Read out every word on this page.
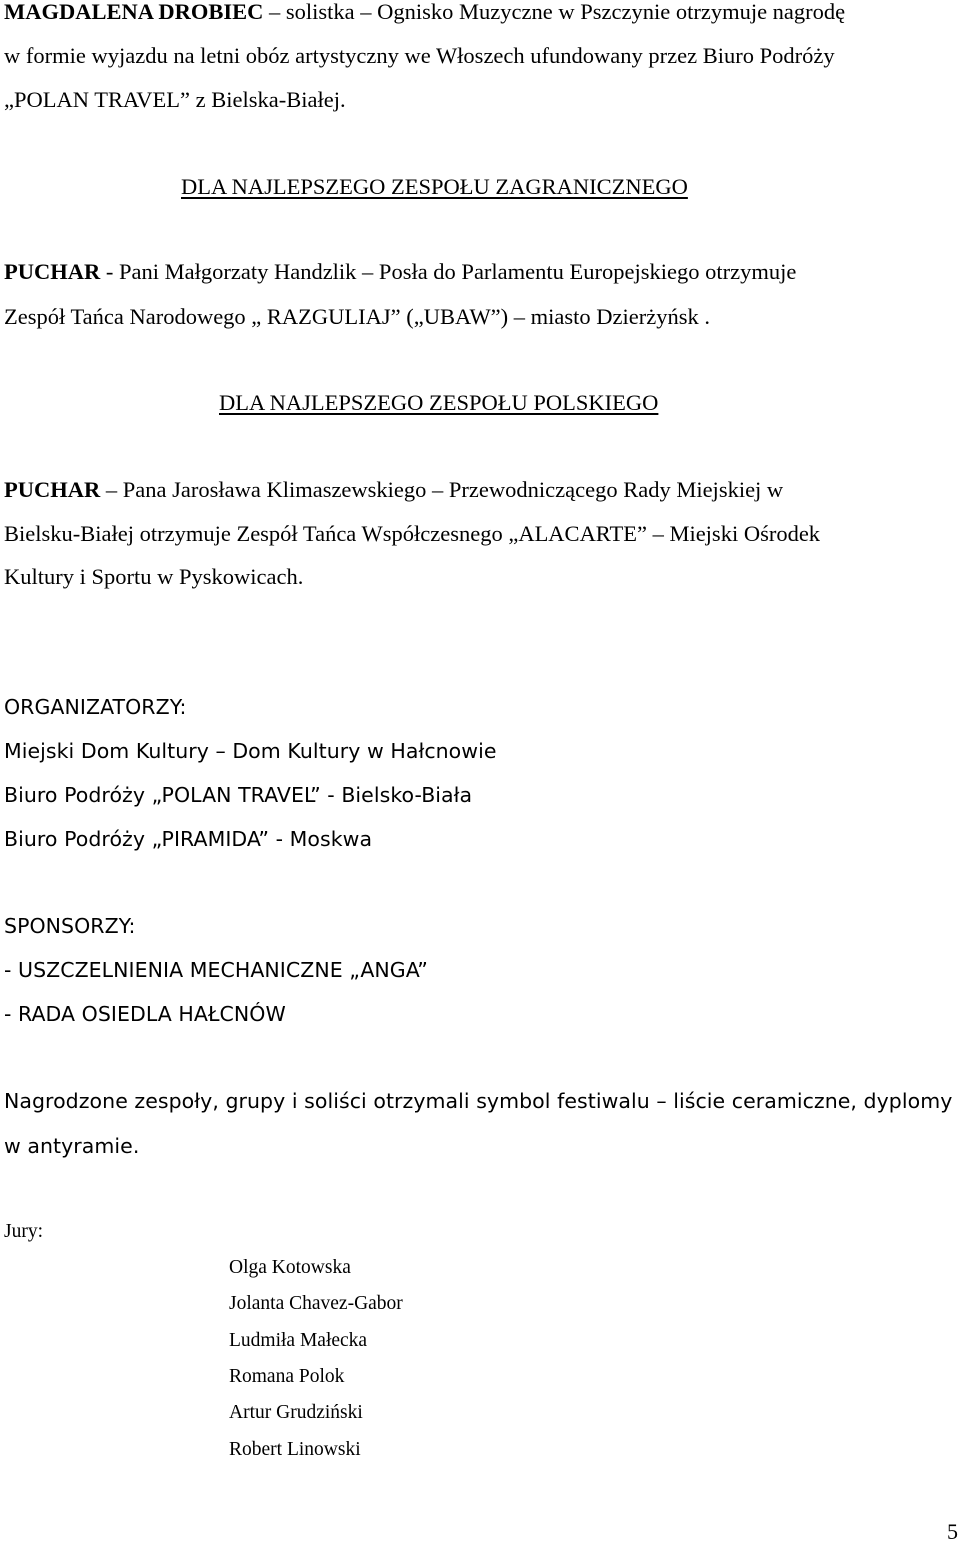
MAGDALENA DROBIEC – solistka – Ognisko Muzyczne w Pszczynie otrzymuje nagrodę
w formie wyjazdu na letni obóz artystyczny we Włoszech ufundowany przez Biuro Podróży
„POLAN TRAVEL” z Bielska-Białej.
DLA NAJLEPSZEGO ZESPOŁU ZAGRANICZNEGO
PUCHAR - Pani Małgorzaty Handzlik – Posła do Parlamentu Europejskiego otrzymuje
Zespół Tańca Narodowego „ RAZGULIAJ” („UBAW”) – miasto Dzierżyńsk .
DLA NAJLEPSZEGO ZESPOŁU POLSKIEGO
PUCHAR – Pana Jarosława Klimaszewskiego – Przewodniczącego Rady Miejskiej w
Bielsku-Białej otrzymuje Zespół Tańca Współczesnego „ALACARTE” – Miejski Ośrodek
Kultury i Sportu w Pyskowicach.
ORGANIZATORZY:
Miejski Dom Kultury – Dom Kultury w Hałcnowie
Biuro Podróży „POLAN TRAVEL” - Bielsko-Biała
Biuro Podróży „PIRAMIDA” - Moskwa
SPONSORZY:
- USZCZELNIENIA MECHANICZNE „ANGA”
- RADA OSIEDLA HAŁCNÓW
Nagrodzone zespoły, grupy i soliści otrzymali symbol festiwalu – liście ceramiczne, dyplomy
w antyramie.
Jury:
Olga Kotowska
Jolanta Chavez-Gabor
Ludmiła Małecka
Romana Polok
Artur Grudziński
Robert Linowski
5
